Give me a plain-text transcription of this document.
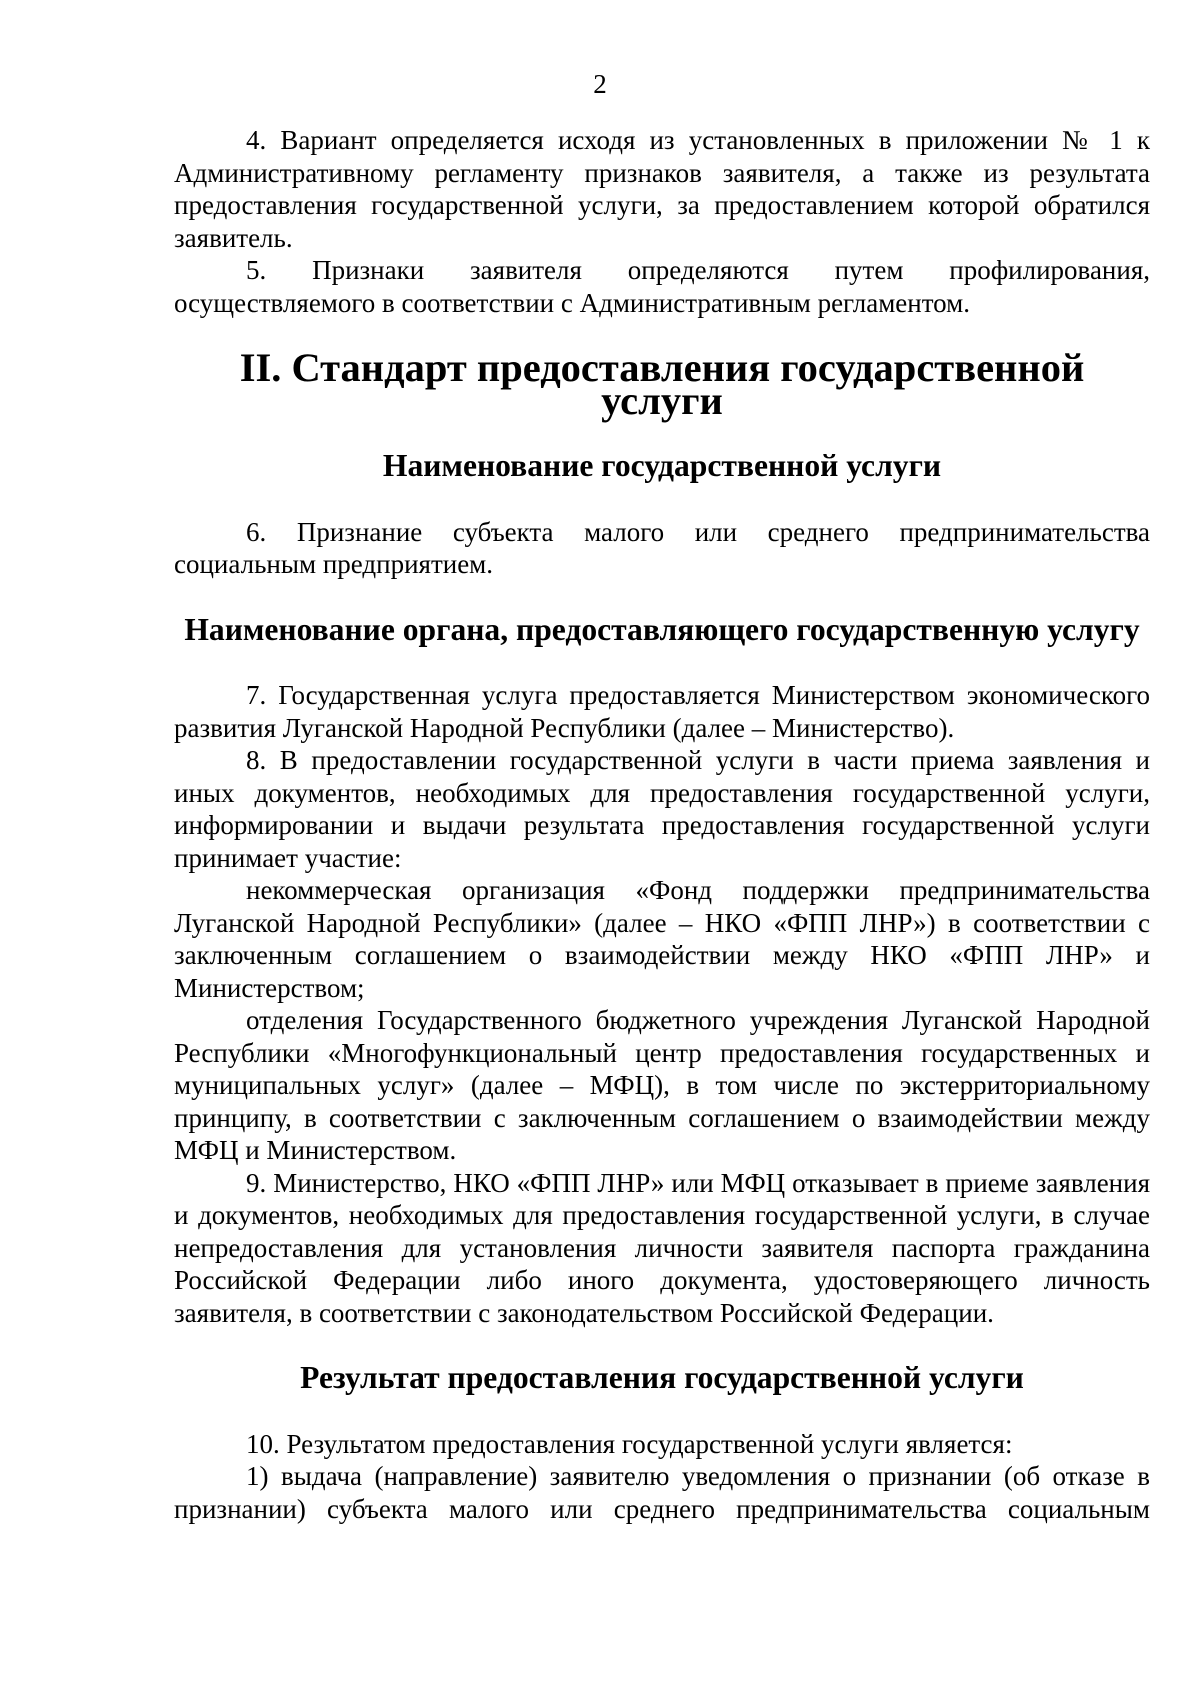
2

4. Вариант определяется исходя из установленных в приложении № 1 к Административному регламенту признаков заявителя, а также из результата предоставления государственной услуги, за предоставлением которой обратился заявитель.

5. Признаки заявителя определяются путем профилирования, осуществляемого в соответствии с Административным регламентом.

II. Стандарт предоставления государственной услуги
Наименование государственной услуги

6. Признание субъекта малого или среднего предпринимательства социальным предприятием.

Наименование органа, предоставляющего государственную услугу

7. Государственная услуга предоставляется Министерством экономического развития Луганской Народной Республики (далее – Министерство).

8. В предоставлении государственной услуги в части приема заявления и иных документов, необходимых для предоставления государственной услуги, информировании и выдачи результата предоставления государственной услуги принимает участие:

некоммерческая организация «Фонд поддержки предпринимательства Луганской Народной Республики» (далее – НКО «ФПП ЛНР») в соответствии с заключенным соглашением о взаимодействии между НКО «ФПП ЛНР» и Министерством;

отделения Государственного бюджетного учреждения Луганской Народной Республики «Многофункциональный центр предоставления государственных и муниципальных услуг» (далее – МФЦ), в том числе по экстерриториальному принципу, в соответствии с заключенным соглашением о взаимодействии между МФЦ и Министерством.

9. Министерство, НКО «ФПП ЛНР» или МФЦ отказывает в приеме заявления и документов, необходимых для предоставления государственной услуги, в случае непредоставления для установления личности заявителя паспорта гражданина Российской Федерации либо иного документа, удостоверяющего личность заявителя, в соответствии с законодательством Российской Федерации.

Результат предоставления государственной услуги

10. Результатом предоставления государственной услуги является:

1) выдача (направление) заявителю уведомления о признании (об отказе в признании) субъекта малого или среднего предпринимательства социальным
